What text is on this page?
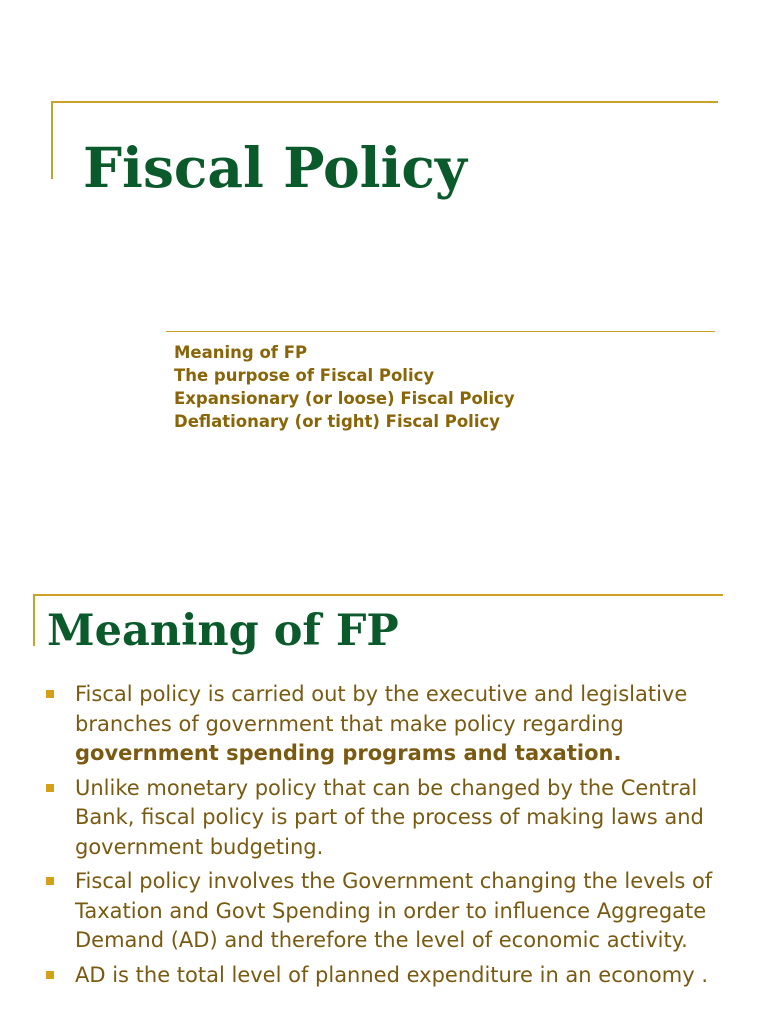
Fiscal Policy
Meaning of FP
The purpose of Fiscal Policy
Expansionary (or loose) Fiscal Policy
Deflationary (or tight) Fiscal Policy
Meaning of FP
Fiscal policy is carried out by the executive and legislative branches of government that make policy regarding government spending programs and taxation.
Unlike monetary policy that can be changed by the Central Bank, fiscal policy is part of the process of making laws and government budgeting.
Fiscal policy involves the Government changing the levels of Taxation and Govt Spending in order to influence Aggregate Demand (AD) and therefore the level of economic activity.
AD is the total level of planned expenditure in an economy .
